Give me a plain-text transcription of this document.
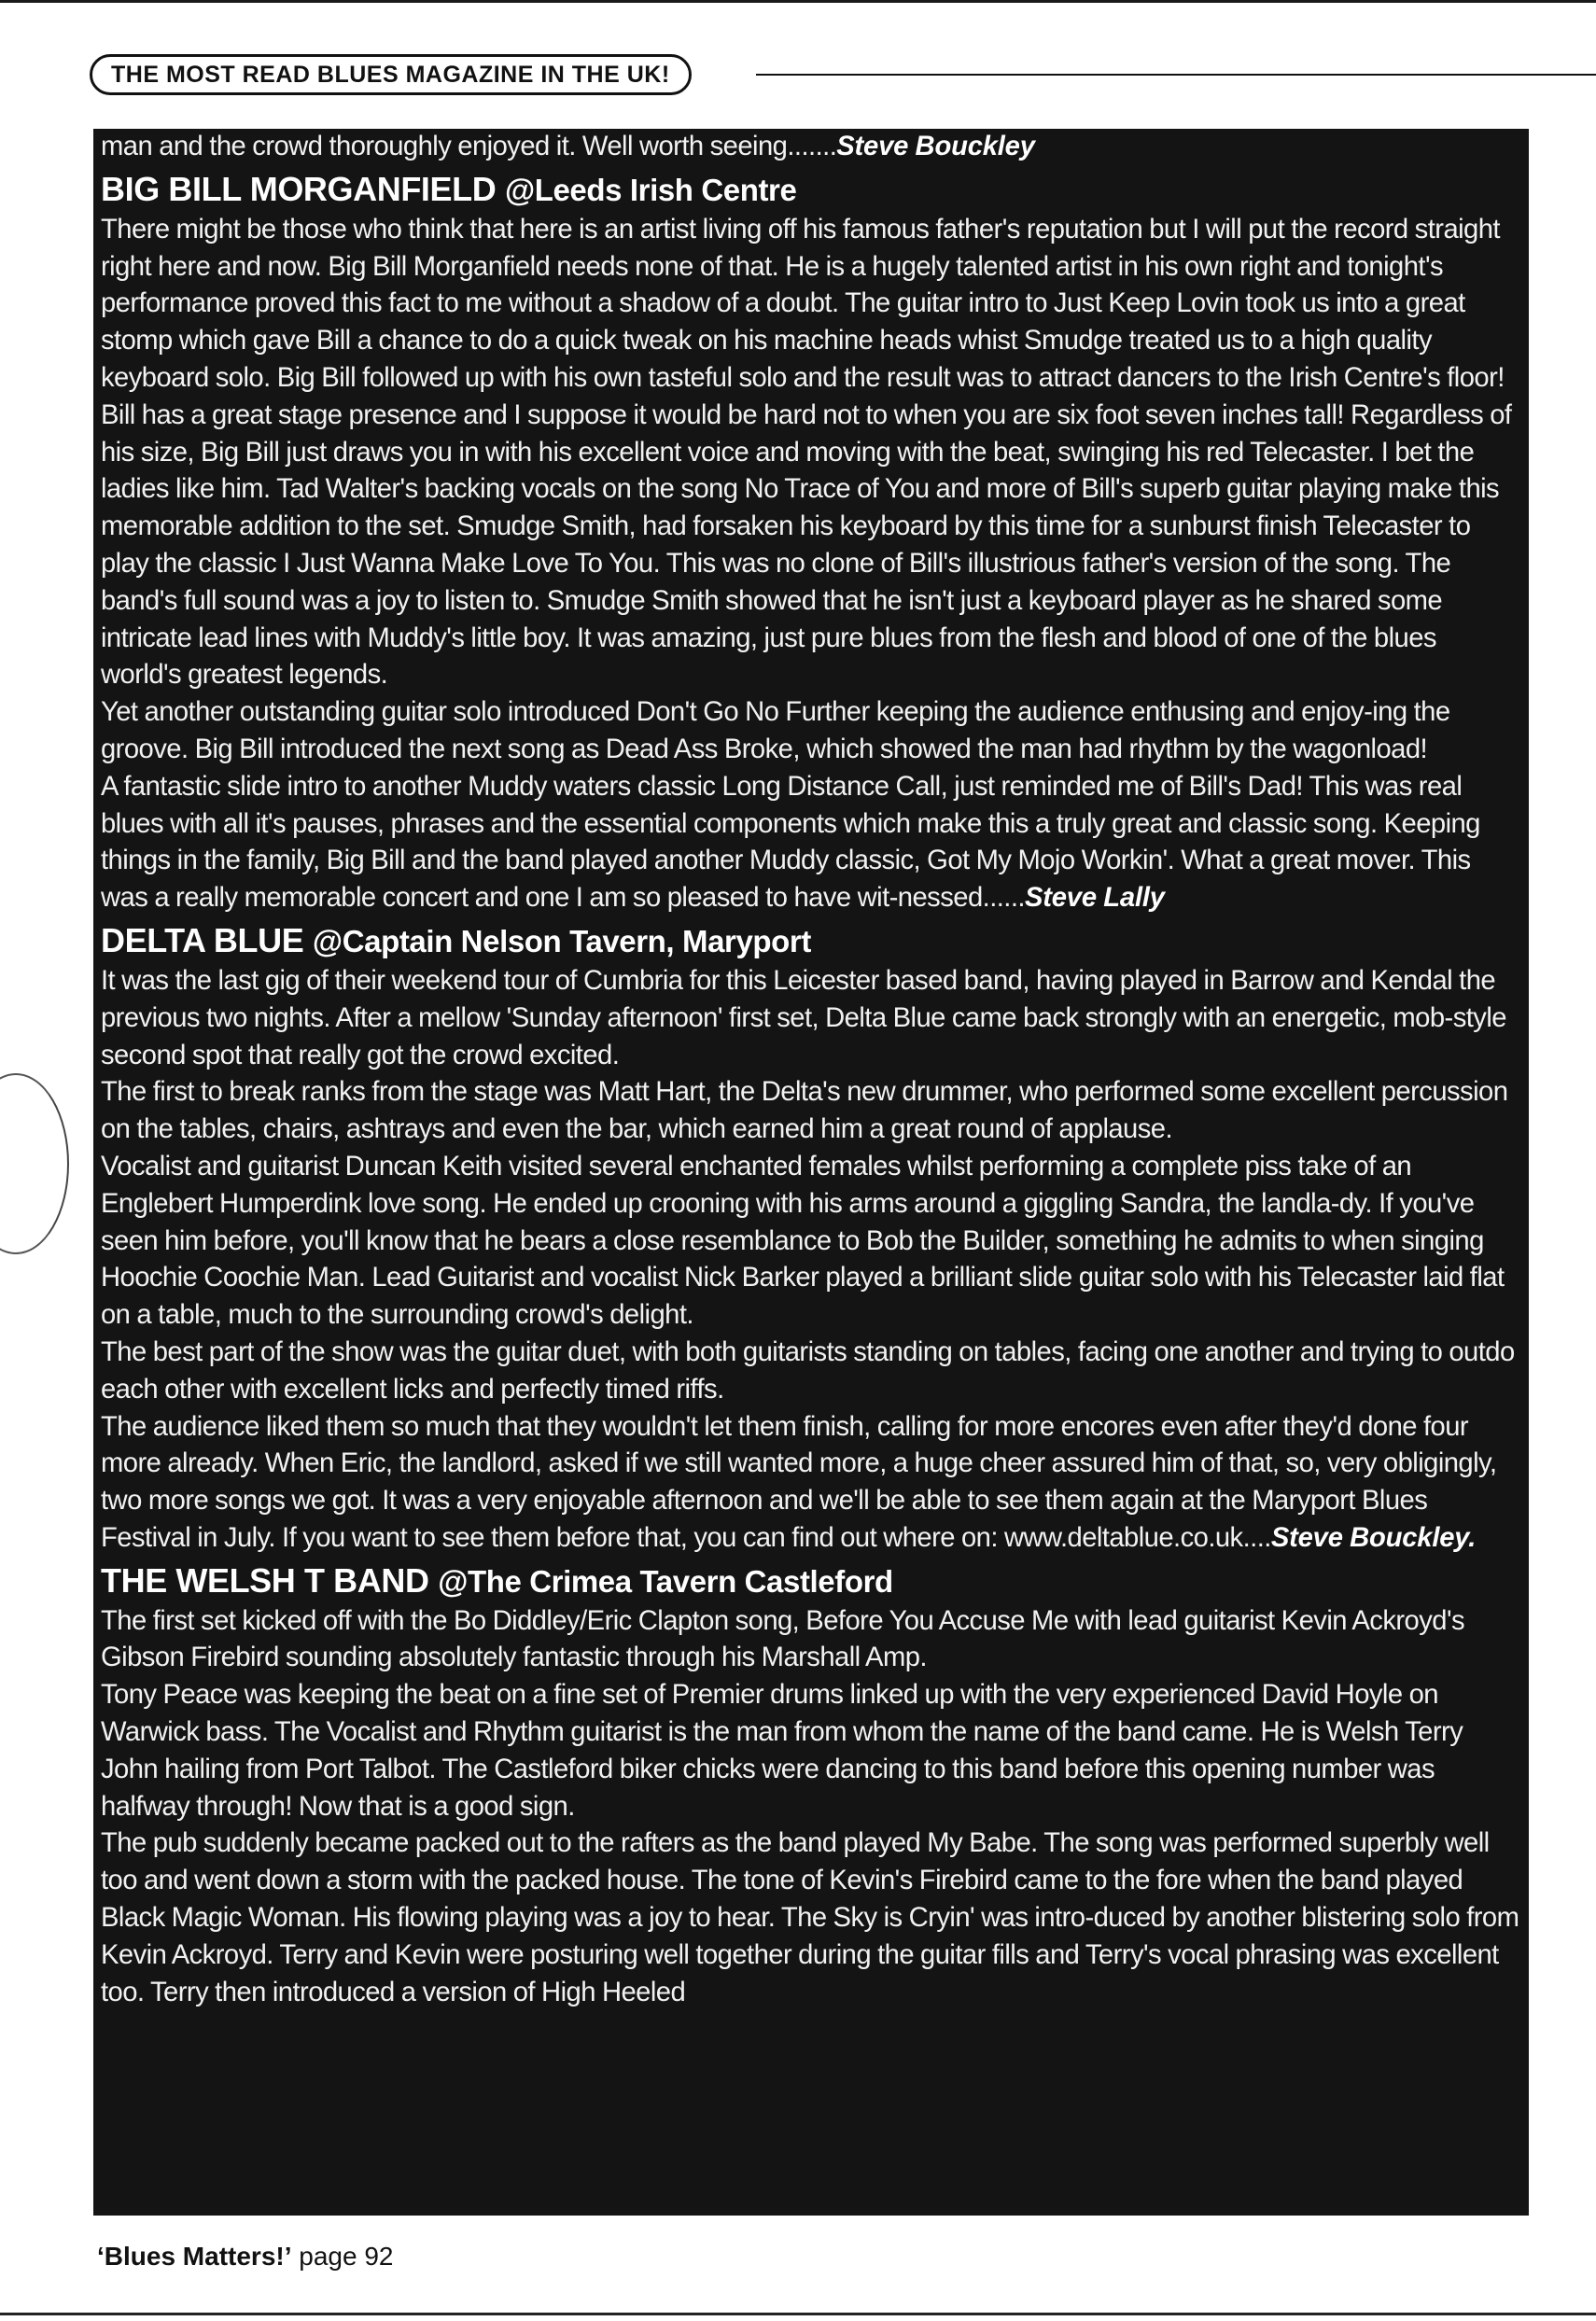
THE MOST READ BLUES MAGAZINE IN THE UK!

man and the crowd thoroughly enjoyed it. Well worth seeing.......Steve Bouckley

BIG BILL MORGANFIELD @Leeds Irish Centre

There might be those who think that here is an artist living off his famous father's reputation but I will put the record straight right here and now. Big Bill Morganfield needs none of that. He is a hugely talented artist in his own right and tonight's performance proved this fact to me without a shadow of a doubt. The guitar intro to Just Keep Lovin took us into a great stomp which gave Bill a chance to do a quick tweak on his machine heads whist Smudge treated us to a high quality keyboard solo. Big Bill followed up with his own tasteful solo and the result was to attract dancers to the Irish Centre's floor! Bill has a great stage presence and I suppose it would be hard not to when you are six foot seven inches tall! Regardless of his size, Big Bill just draws you in with his excellent voice and moving with the beat, swinging his red Telecaster. I bet the ladies like him. Tad Walter's backing vocals on the song No Trace of You and more of Bill's superb guitar playing make this memorable addition to the set. Smudge Smith, had forsaken his keyboard by this time for a sunburst finish Telecaster to play the classic I Just Wanna Make Love To You. This was no clone of Bill's illustrious father's version of the song. The band's full sound was a joy to listen to. Smudge Smith showed that he isn't just a keyboard player as he shared some intricate lead lines with Muddy's little boy. It was amazing, just pure blues from the flesh and blood of one of the blues world's greatest legends.

Yet another outstanding guitar solo introduced Don't Go No Further keeping the audience enthusing and enjoy-ing the groove. Big Bill introduced the next song as Dead Ass Broke, which showed the man had rhythm by the wagonload!

A fantastic slide intro to another Muddy waters classic Long Distance Call, just reminded me of Bill's Dad! This was real blues with all it's pauses, phrases and the essential components which make this a truly great and classic song. Keeping things in the family, Big Bill and the band played another Muddy classic, Got My Mojo Workin'. What a great mover. This was a really memorable concert and one I am so pleased to have wit-nessed......Steve Lally

DELTA BLUE @Captain Nelson Tavern, Maryport

It was the last gig of their weekend tour of Cumbria for this Leicester based band, having played in Barrow and Kendal the previous two nights. After a mellow 'Sunday afternoon' first set, Delta Blue came back strongly with an energetic, mob-style second spot that really got the crowd excited.

The first to break ranks from the stage was Matt Hart, the Delta's new drummer, who performed some excellent percussion on the tables, chairs, ashtrays and even the bar, which earned him a great round of applause.

Vocalist and guitarist Duncan Keith visited several enchanted females whilst performing a complete piss take of an Englebert Humperdink love song. He ended up crooning with his arms around a giggling Sandra, the landla-dy. If you've seen him before, you'll know that he bears a close resemblance to Bob the Builder, something he admits to when singing Hoochie Coochie Man. Lead Guitarist and vocalist Nick Barker played a brilliant slide guitar solo with his Telecaster laid flat on a table, much to the surrounding crowd's delight.

The best part of the show was the guitar duet, with both guitarists standing on tables, facing one another and trying to outdo each other with excellent licks and perfectly timed riffs.

The audience liked them so much that they wouldn't let them finish, calling for more encores even after they'd done four more already. When Eric, the landlord, asked if we still wanted more, a huge cheer assured him of that, so, very obligingly, two more songs we got. It was a very enjoyable afternoon and we'll be able to see them again at the Maryport Blues Festival in July. If you want to see them before that, you can find out where on: www.deltablue.co.uk....Steve Bouckley.

THE WELSH T BAND @The Crimea Tavern Castleford

The first set kicked off with the Bo Diddley/Eric Clapton song, Before You Accuse Me with lead guitarist Kevin Ackroyd's Gibson Firebird sounding absolutely fantastic through his Marshall Amp.

Tony Peace was keeping the beat on a fine set of Premier drums linked up with the very experienced David Hoyle on Warwick bass. The Vocalist and Rhythm guitarist is the man from whom the name of the band came. He is Welsh Terry John hailing from Port Talbot. The Castleford biker chicks were dancing to this band before this opening number was halfway through! Now that is a good sign.

The pub suddenly became packed out to the rafters as the band played My Babe. The song was performed superbly well too and went down a storm with the packed house. The tone of Kevin's Firebird came to the fore when the band played Black Magic Woman. His flowing playing was a joy to hear. The Sky is Cryin' was intro-duced by another blistering solo from Kevin Ackroyd. Terry and Kevin were posturing well together during the guitar fills and Terry's vocal phrasing was excellent too. Terry then introduced a version of High Heeled

‘Blues Matters!’ page 92
